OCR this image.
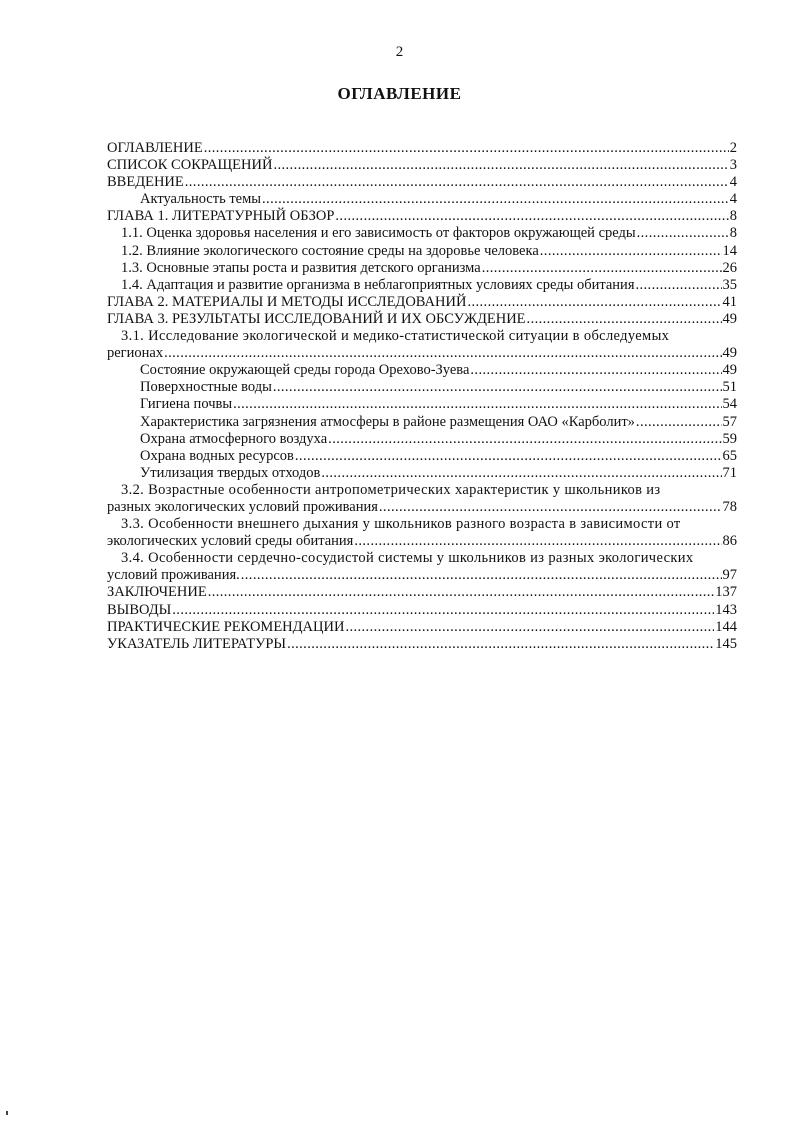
2
ОГЛАВЛЕНИЕ
ОГЛАВЛЕНИЕ .....	2
СПИСОК СОКРАЩЕНИЙ .....	3
ВВЕДЕНИЕ .....	4
Актуальность темы .....	4
ГЛАВА 1. ЛИТЕРАТУРНЫЙ ОБЗОР .....	8
1.1. Оценка здоровья населения и его зависимость от факторов окружающей среды .....	8
1.2. Влияние экологического состояние среды на здоровье человека .....	14
1.3. Основные этапы роста и развития детского организма .....	26
1.4. Адаптация и развитие организма в неблагоприятных условиях среды обитания .....	35
ГЛАВА 2. МАТЕРИАЛЫ И МЕТОДЫ ИССЛЕДОВАНИЙ .....	41
ГЛАВА 3. РЕЗУЛЬТАТЫ ИССЛЕДОВАНИЙ И ИХ ОБСУЖДЕНИЕ .....	49
3.1. Исследование экологической и медико-статистической ситуации в обследуемых
регионах .....	49
Состояние окружающей среды города Орехово-Зуева .....	49
Поверхностные воды .....	51
Гигиена почвы .....	54
Характеристика загрязнения атмосферы в районе размещения ОАО «Карболит» .....	57
Охрана атмосферного воздуха .....	59
Охрана водных ресурсов .....	65
Утилизация твердых отходов .....	71
3.2. Возрастные особенности антропометрических характеристик у школьников из
разных экологических условий проживания .....	78
3.3. Особенности внешнего дыхания у школьников разного возраста в зависимости от
экологических условий среды обитания .....	86
3.4. Особенности сердечно-сосудистой системы у школьников из разных экологических
условий проживания. .....	97
ЗАКЛЮЧЕНИЕ .....	137
ВЫВОДЫ .....	143
ПРАКТИЧЕСКИЕ РЕКОМЕНДАЦИИ .....	144
УКАЗАТЕЛЬ ЛИТЕРАТУРЫ .....	145
